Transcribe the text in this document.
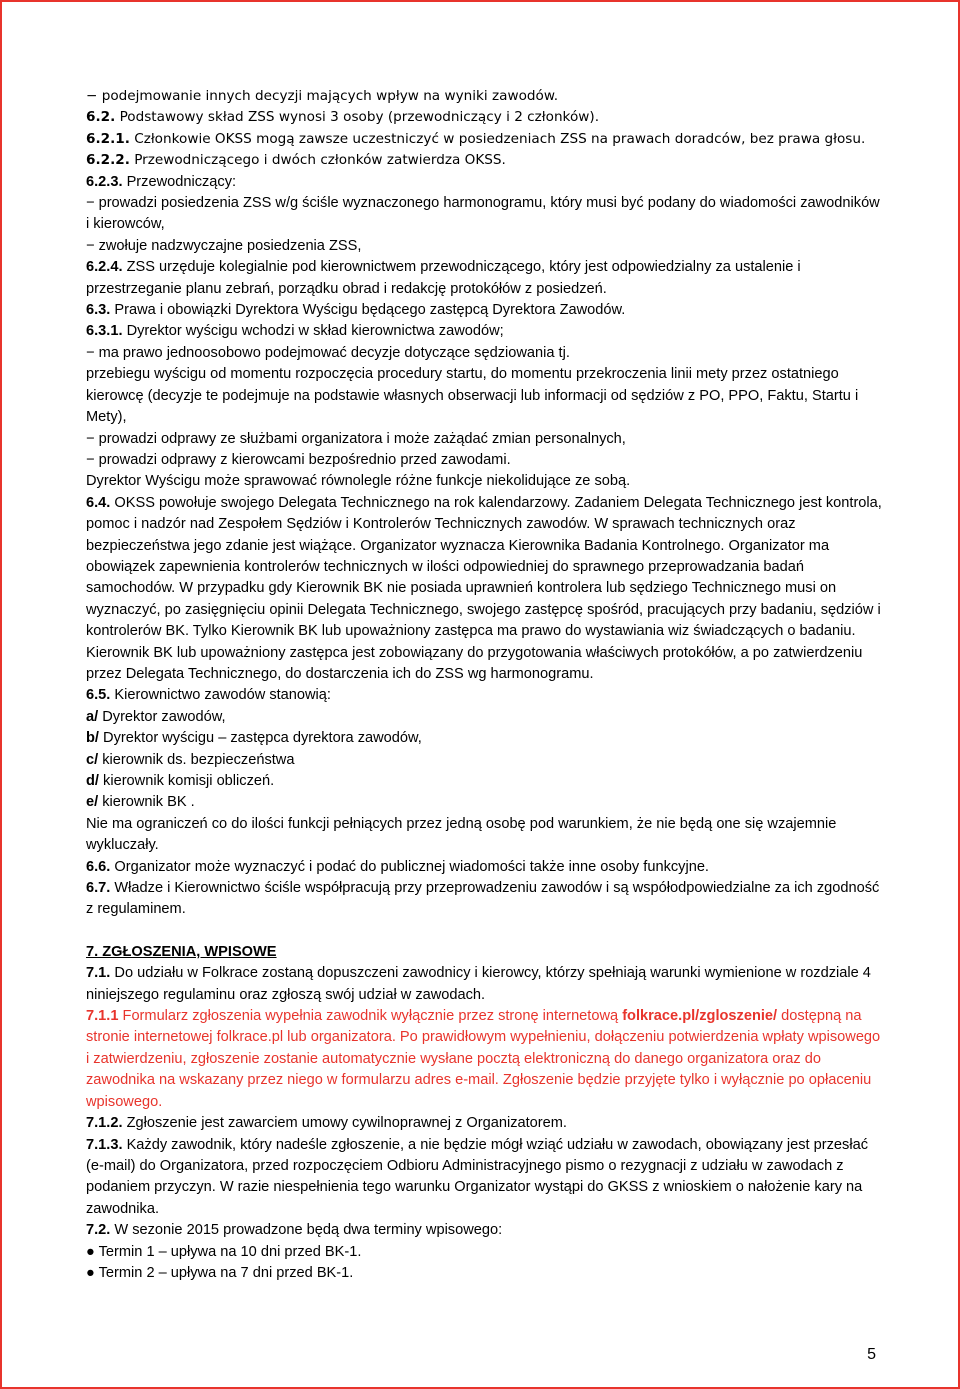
− podejmowanie innych decyzji mających wpływ na wyniki zawodów.

6.2. Podstawowy skład ZSS wynosi 3 osoby (przewodniczący i 2 członków).

6.2.1. Członkowie OKSS mogą zawsze uczestniczyć w posiedzeniach ZSS na prawach doradców, bez prawa głosu.

6.2.2. Przewodniczącego i dwóch członków zatwierdza OKSS.

6.2.3. Przewodniczący:

− prowadzi posiedzenia ZSS w/g ściśle wyznaczonego harmonogramu, który musi być podany do wiadomości zawodników i kierowców,

− zwołuje nadzwyczajne posiedzenia ZSS,

6.2.4. ZSS urzęduje kolegialnie pod kierownictwem przewodniczącego, który jest odpowiedzialny za ustalenie i przestrzeganie planu zebrań, porządku obrad i redakcję protokółów z posiedzeń.

6.3. Prawa i obowiązki Dyrektora Wyścigu będącego zastępcą Dyrektora Zawodów.

6.3.1. Dyrektor wyścigu wchodzi w skład kierownictwa zawodów;

− ma prawo jednoosobowo podejmować decyzje dotyczące sędziowania tj.

przebiegu wyścigu od momentu rozpoczęcia procedury startu, do momentu przekroczenia linii mety przez ostatniego kierowcę (decyzje te podejmuje na podstawie własnych obserwacji lub informacji od sędziów z PO, PPO, Faktu, Startu i Mety),

− prowadzi odprawy ze służbami organizatora i może zażądać zmian personalnych,

− prowadzi odprawy z kierowcami bezpośrednio przed zawodami.

Dyrektor Wyścigu może sprawować równolegle różne funkcje niekolidujące ze sobą.

6.4. OKSS powołuje swojego Delegata Technicznego na rok kalendarzowy. Zadaniem Delegata Technicznego jest kontrola, pomoc i nadzór nad Zespołem Sędziów i Kontrolerów Technicznych zawodów. W sprawach technicznych oraz bezpieczeństwa jego zdanie jest wiążące. Organizator wyznacza Kierownika Badania Kontrolnego. Organizator ma obowiązek zapewnienia kontrolerów technicznych w ilości odpowiedniej do sprawnego przeprowadzania badań samochodów. W przypadku gdy Kierownik BK nie posiada uprawnień kontrolera lub sędziego Technicznego musi on wyznaczyć, po zasięgnięciu opinii Delegata Technicznego, swojego zastępcę spośród, pracujących przy badaniu, sędziów i kontrolerów BK. Tylko Kierownik BK lub upoważniony zastępca ma prawo do wystawiania wiz świadczących o badaniu. Kierownik BK lub upoważniony zastępca jest zobowiązany do przygotowania właściwych protokółów, a po zatwierdzeniu przez Delegata Technicznego, do dostarczenia ich do ZSS wg harmonogramu.

6.5. Kierownictwo zawodów stanowią:

a/ Dyrektor zawodów,

b/ Dyrektor wyścigu – zastępca dyrektora zawodów,

c/ kierownik ds. bezpieczeństwa

d/ kierownik komisji obliczeń.

e/ kierownik BK .

Nie ma ograniczeń co do ilości funkcji pełniących przez jedną osobę pod warunkiem, że nie będą one się wzajemnie wykluczały.

6.6. Organizator może wyznaczyć i podać do publicznej wiadomości także inne osoby funkcyjne.

6.7. Władze i Kierownictwo ściśle współpracują przy przeprowadzeniu zawodów i są współodpowiedzialne za ich zgodność z regulaminem.

7. ZGŁOSZENIA, WPISOWE

7.1. Do udziału w Folkrace zostaną dopuszczeni zawodnicy i kierowcy, którzy spełniają warunki wymienione w rozdziale 4 niniejszego regulaminu oraz zgłoszą swój udział w zawodach.

7.1.1 Formularz zgłoszenia wypełnia zawodnik wyłącznie przez stronę internetową folkrace.pl/zgloszenie/ dostępną na stronie internetowej folkrace.pl lub organizatora. Po prawidłowym wypełnieniu, dołączeniu potwierdzenia wpłaty wpisowego i zatwierdzeniu, zgłoszenie zostanie automatycznie wysłane pocztą elektroniczną do danego organizatora oraz do zawodnika na wskazany przez niego w formularzu adres e-mail. Zgłoszenie będzie przyjęte tylko i wyłącznie po opłaceniu wpisowego.

7.1.2. Zgłoszenie jest zawarciem umowy cywilnoprawnej z Organizatorem.

7.1.3. Każdy zawodnik, który nadeśle zgłoszenie, a nie będzie mógł wziąć udziału w zawodach, obowiązany jest przesłać (e-mail) do Organizatora, przed rozpoczęciem Odbioru Administracyjnego pismo o rezygnacji z udziału w zawodach z podaniem przyczyn. W razie niespełnienia tego warunku Organizator wystąpi do GKSS z wnioskiem o nałożenie kary na zawodnika.

7.2. W sezonie 2015 prowadzone będą dwa terminy wpisowego:

● Termin 1 – upływa na 10 dni przed BK-1.

● Termin 2 – upływa na 7 dni przed BK-1.

5
